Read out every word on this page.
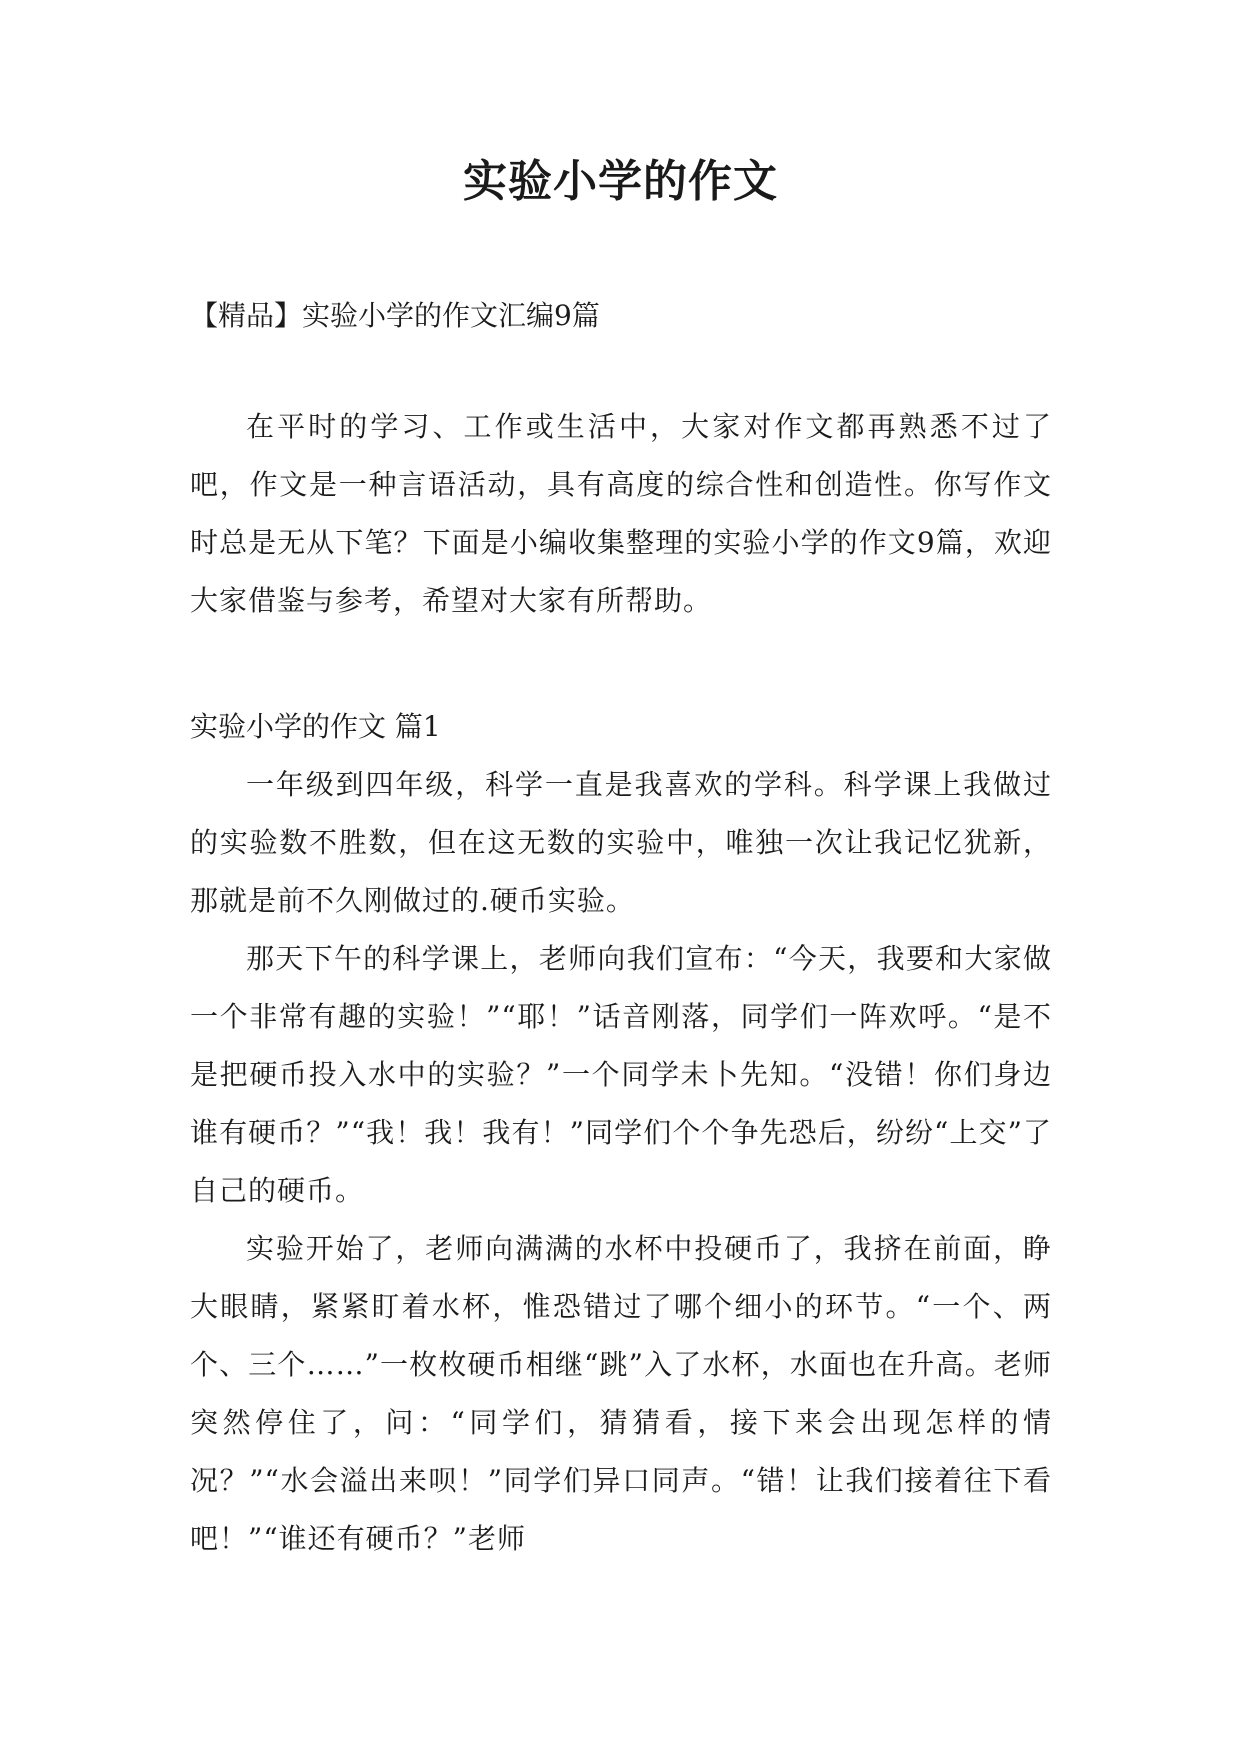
实验小学的作文
【精品】实验小学的作文汇编9篇

在平时的学习、工作或生活中，大家对作文都再熟悉不过了吧，作文是一种言语活动，具有高度的综合性和创造性。你写作文时总是无从下笔？下面是小编收集整理的实验小学的作文9篇，欢迎大家借鉴与参考，希望对大家有所帮助。

实验小学的作文 篇1

一年级到四年级，科学一直是我喜欢的学科。科学课上我做过的实验数不胜数，但在这无数的实验中，唯独一次让我记忆犹新，那就是前不久刚做过的.硬币实验。

那天下午的科学课上，老师向我们宣布：“今天，我要和大家做一个非常有趣的实验！”“耶！”话音刚落，同学们一阵欢呼。“是不是把硬币投入水中的实验？”一个同学未卜先知。“没错！你们身边谁有硬币？”“我！我！我有！”同学们个个争先恐后，纷纷“上交”了自己的硬币。

实验开始了，老师向满满的水杯中投硬币了，我挤在前面，睁大眼睛，紧紧盯着水杯，惟恐错过了哪个细小的环节。“一个、两个、三个……”一枚枚硬币相继“跳”入了水杯，水面也在升高。老师突然停住了，问：“同学们，猜猜看，接下来会出现怎样的情况？”“水会溢出来呗！”同学们异口同声。“错！让我们接着往下看吧！”“谁还有硬币？”老师
